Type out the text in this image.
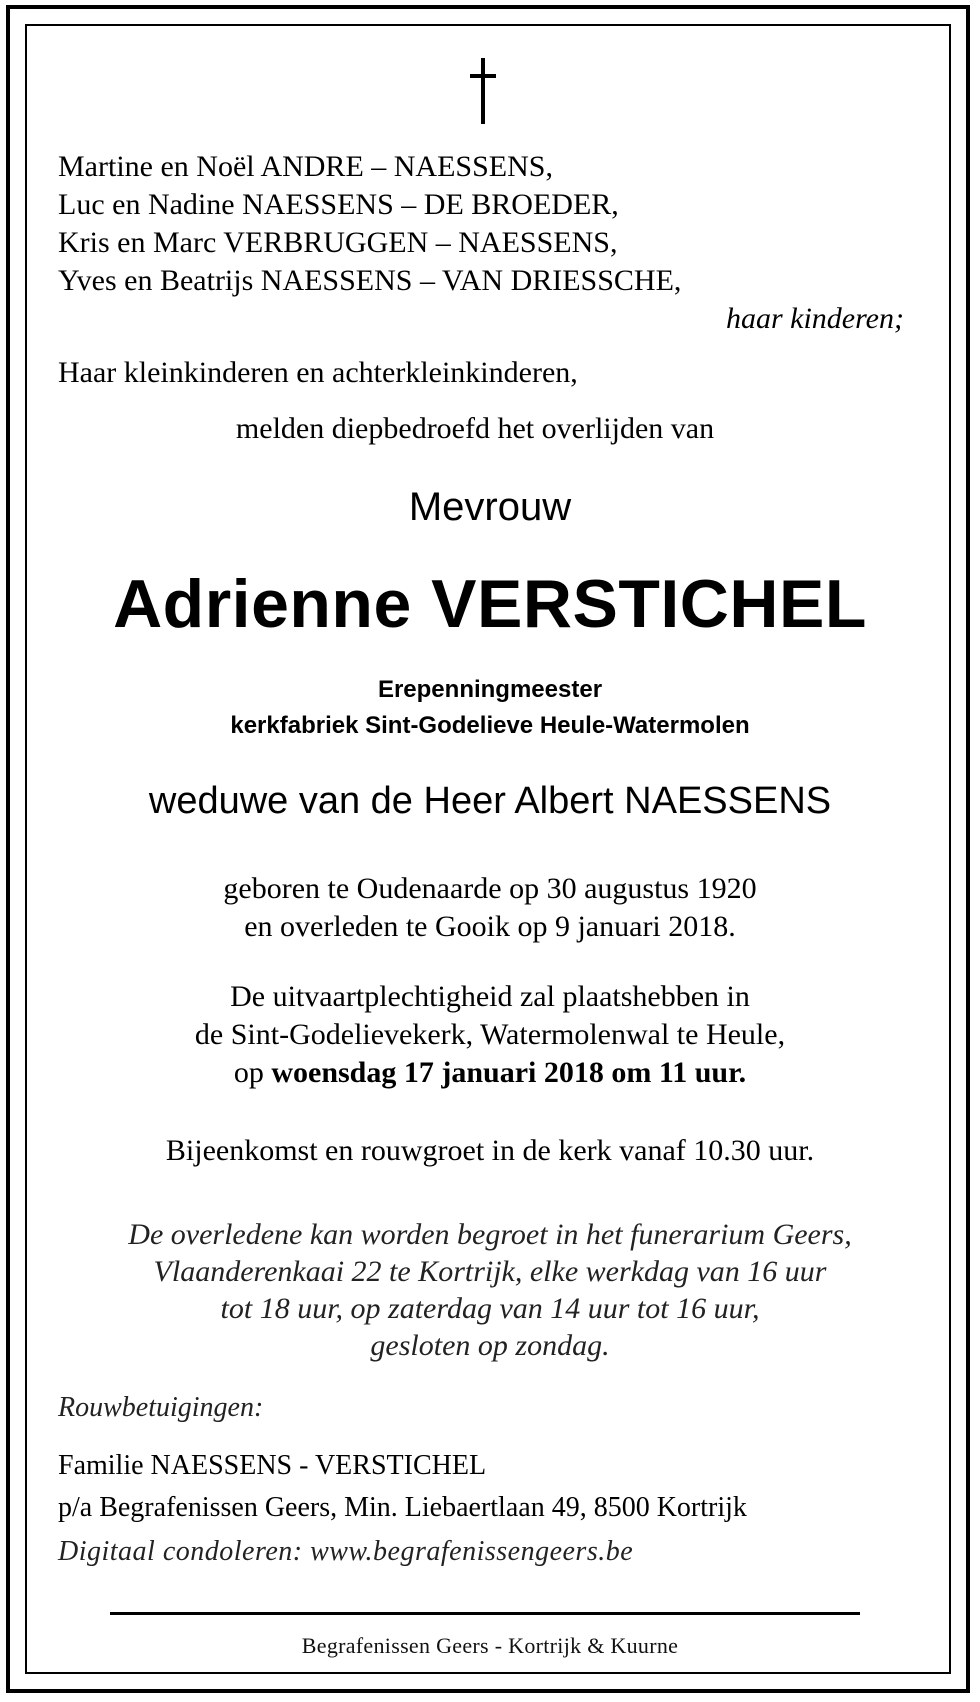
Martine en Noël ANDRE – NAESSENS,
Luc en Nadine NAESSENS – DE BROEDER,
Kris en Marc VERBRUGGEN – NAESSENS,
Yves en Beatrijs NAESSENS – VAN DRIESSCHE,
haar kinderen;
Haar kleinkinderen en achterkleinkinderen,
melden diepbedroefd het overlijden van
Mevrouw
Adrienne VERSTICHEL
Erepenningmeester
kerkfabriek Sint-Godelieve Heule-Watermolen
weduwe van de Heer Albert NAESSENS
geboren te Oudenaarde op 30 augustus 1920
en overleden te Gooik op 9 januari 2018.
De uitvaartplechtigheid zal plaatshebben in
de Sint-Godelievekerk, Watermolenwal te Heule,
op woensdag 17 januari 2018 om 11 uur.
Bijeenkomst en rouwgroet in de kerk vanaf 10.30 uur.
De overledene kan worden begroet in het funerarium Geers,
Vlaanderenkaai 22 te Kortrijk, elke werkdag van 16 uur
tot 18 uur, op zaterdag van 14 uur tot 16 uur,
gesloten op zondag.
Rouwbetuigingen:
Familie NAESSENS - VERSTICHEL
p/a Begrafenissen Geers, Min. Liebaertlaan 49, 8500 Kortrijk
Digitaal condoleren: www.begrafenissengeers.be
Begrafenissen Geers - Kortrijk & Kuurne
